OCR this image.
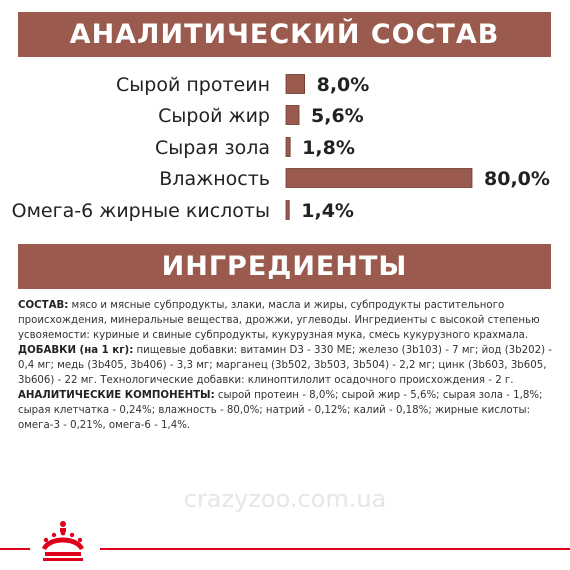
АНАЛИТИЧЕСКИЙ СОСТАВ
Сырой протеин 8,0%
Сырой жир 5,6%
Сырая зола 1,8%
Влажность	80,0%
Омега-6 жирные кислоты 1,4%
ИНГРЕДИЕНТЫ

СОСТАВ: мясо и мясные субпродукты, злаки, масла и жиры, субпродукты растительного происхождения, минеральные вещества, дрожжи, углеводы. Ингредиенты с высокой степенью усвояемости: куриные и свиные субпродукты, кукурузная мука, смесь кукурузного крахмала. ДОБАВКИ (на 1 кг): пищевые добавки: витамин D3 - 330 МЕ; железо (3b103) - 7 мг; йод (3b202) - 0,4 мг; медь (3b405, 3b406) - 3,3 мг; марганец (3b502, 3b503, 3b504) - 2,2 мг; цинк (3b603, 3b605, 3b606) - 22 мг. Технологические добавки: клиноптилолит осадочного происхождения - 2 г. АНАЛИТИЧЕСКИЕ КОМПОНЕНТЫ: сырой протеин - 8,0%; сырой жир - 5,6%; сырая зола - 1,8%; сырая клетчатка - 0,24%; влажность - 80,0%; натрий - 0,12%; калий - 0,18%; жирные кислоты: омега-3 - 0,21%, омега-6 - 1,4%.

crazyzoo.com.ua
